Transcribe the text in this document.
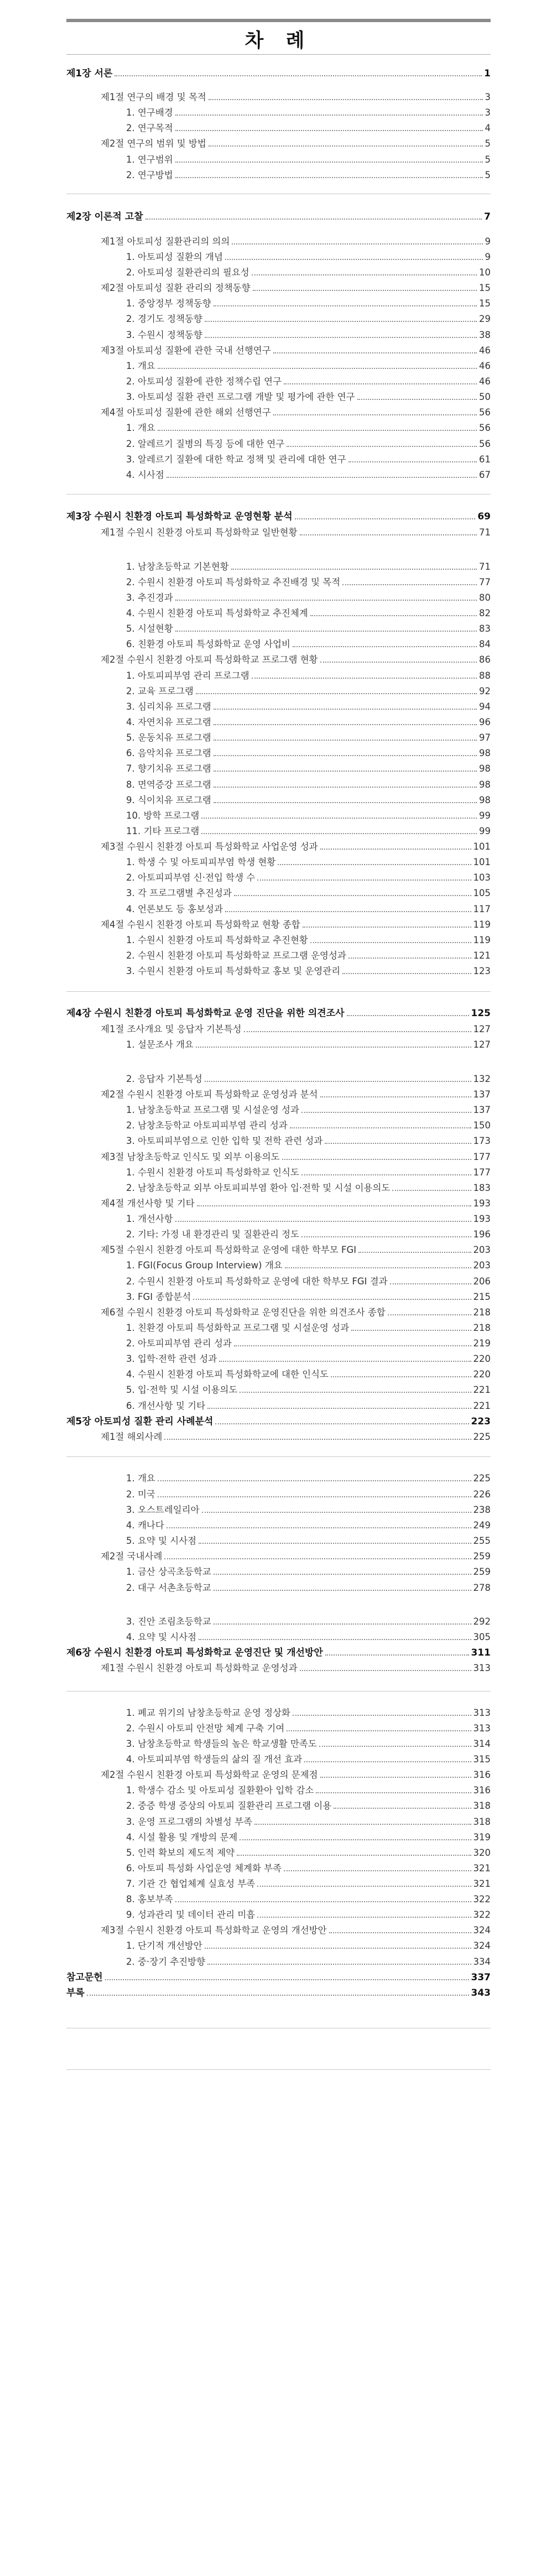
차 례
제1장 서론	1
제1절 연구의 배경 및 목적	3
1. 연구배경	3
2. 연구목적	4
제2절 연구의 범위 및 방법	5
1. 연구범위	5
2. 연구방법	5
제2장 이론적 고찰	7
제1절 아토피성 질환관리의 의의	9
1. 아토피성 질환의 개념	9
2. 아토피성 질환관리의 필요성	10
제2절 아토피성 질환 관리의 정책동향	15
1. 중앙정부 정책동향	15
2. 경기도 정책동향	29
3. 수원시 정책동향	38
제3절 아토피성 질환에 관한 국내 선행연구	46
1. 개요	46
2. 아토피성 질환에 관한 정책수립 연구	46
3. 아토피성 질환 관련 프로그램 개발 및 평가에 관한 연구	50
제4절 아토피성 질환에 관한 해외 선행연구	56
1. 개요	56
2. 알레르기 질병의 특징 등에 대한 연구	56
3. 알레르기 질환에 대한 학교 정책 및 관리에 대한 연구	61
4. 시사점	67
제3장 수원시 친환경 아토피 특성화학교 운영현황 분석	69
제1절 수원시 친환경 아토피 특성화학교 일반현황	71
1. 남창초등학교 기본현황	71
2. 수원시 친환경 아토피 특성화학교 추진배경 및 목적	77
3. 추진경과	80
4. 수원시 친환경 아토피 특성화학교 추진체계	82
5. 시설현황	83
6. 친환경 아토피 특성화학교 운영 사업비	84
제2절 수원시 친환경 아토피 특성화학교 프로그램 현황	86
1. 아토피피부염 관리 프로그램	88
2. 교육 프로그램	92
3. 심리치유 프로그램	94
4. 자연치유 프로그램	96
5. 운동치유 프로그램	97
6. 음악치유 프로그램	98
7. 향기치유 프로그램	98
8. 면역증강 프로그램	98
9. 식이치유 프로그램	98
10. 방학 프로그램	99
11. 기타 프로그램	99
제3절 수원시 친환경 아토피 특성화학교 사업운영 성과	101
1. 학생 수 및 아토피피부염 학생 현황	101
2. 아토피피부염 신·전입 학생 수	103
3. 각 프로그램별 추진성과	105
4. 언론보도 등 홍보성과	117
제4절 수원시 친환경 아토피 특성화학교 현황 종합	119
1. 수원시 친환경 아토피 특성화학교 추진현황	119
2. 수원시 친환경 아토피 특성화학교 프로그램 운영성과	121
3. 수원시 친환경 아토피 특성화학교 홍보 및 운영관리	123
제4장 수원시 친환경 아토피 특성화학교 운영 진단을 위한 의견조사	125
제1절 조사개요 및 응답자 기본특성	127
1. 설문조사 개요	127
2. 응답자 기본특성	132
제2절 수원시 친환경 아토피 특성화학교 운영성과 분석	137
1. 남창초등학교 프로그램 및 시설운영 성과	137
2. 남창초등학교 아토피피부염 관리 성과	150
3. 아토피피부염으로 인한 입학 및 전학 관련 성과	173
제3절 남창초등학교 인식도 및 외부 이용의도	177
1. 수원시 친환경 아토피 특성화학교 인식도	177
2. 남창초등학교 외부 아토피피부염 환아 입·전학 및 시설 이용의도	183
제4절 개선사항 및 기타	193
1. 개선사항	193
2. 기타: 가정 내 환경관리 및 질환관리 정도	196
제5절 수원시 친환경 아토피 특성화학교 운영에 대한 학부모 FGI	203
1. FGI(Focus Group Interview) 개요	203
2. 수원시 친환경 아토피 특성화학교 운영에 대한 학부모 FGI 결과	206
3. FGI 종합분석	215
제6절 수원시 친환경 아토피 특성화학교 운영진단을 위한 의견조사 종합	218
1. 친환경 아토피 특성화학교 프로그램 및 시설운영 성과	218
2. 아토피피부염 관리 성과	219
3. 입학·전학 관련 성과	220
4. 수원시 친환경 아토피 특성화학교에 대한 인식도	220
5. 입·전학 및 시설 이용의도	221
6. 개선사항 및 기타	221
제5장 아토피성 질환 관리 사례분석	223
제1절 해외사례	225
1. 개요	225
2. 미국	226
3. 오스트레일리아	238
4. 캐나다	249
5. 요약 및 시사점	255
제2절 국내사례	259
1. 금산 상곡초등학교	259
2. 대구 서촌초등학교	278
3. 진안 조림초등학교	292
4. 요약 및 시사점	305
제6장 수원시 친환경 아토피 특성화학교 운영진단 및 개선방안	311
제1절 수원시 친환경 아토피 특성화학교 운영성과	313
1. 폐교 위기의 남창초등학교 운영 정상화	313
2. 수원시 아토피 안전망 체계 구축 기여	313
3. 남창초등학교 학생들의 높은 학교생활 만족도	314
4. 아토피피부염 학생들의 삶의 질 개선 효과	315
제2절 수원시 친환경 아토피 특성화학교 운영의 문제점	316
1. 학생수 감소 및 아토피성 질환환아 입학 감소	316
2. 중증 학생 증상의 아토피 질환관리 프로그램 이용	318
3. 운영 프로그램의 차별성 부족	318
4. 시설 활용 및 개방의 문제	319
5. 인력 확보의 제도적 제약	320
6. 아토피 특성화 사업운영 체계화 부족	321
7. 기관 간 협업체계 실효성 부족	321
8. 홍보부족	322
9. 성과관리 및 데이터 관리 미흡	322
제3절 수원시 친환경 아토피 특성화학교 운영의 개선방안	324
1. 단기적 개선방안	324
2. 중·장기 추진방향	334
참고문헌	337
부록	343
